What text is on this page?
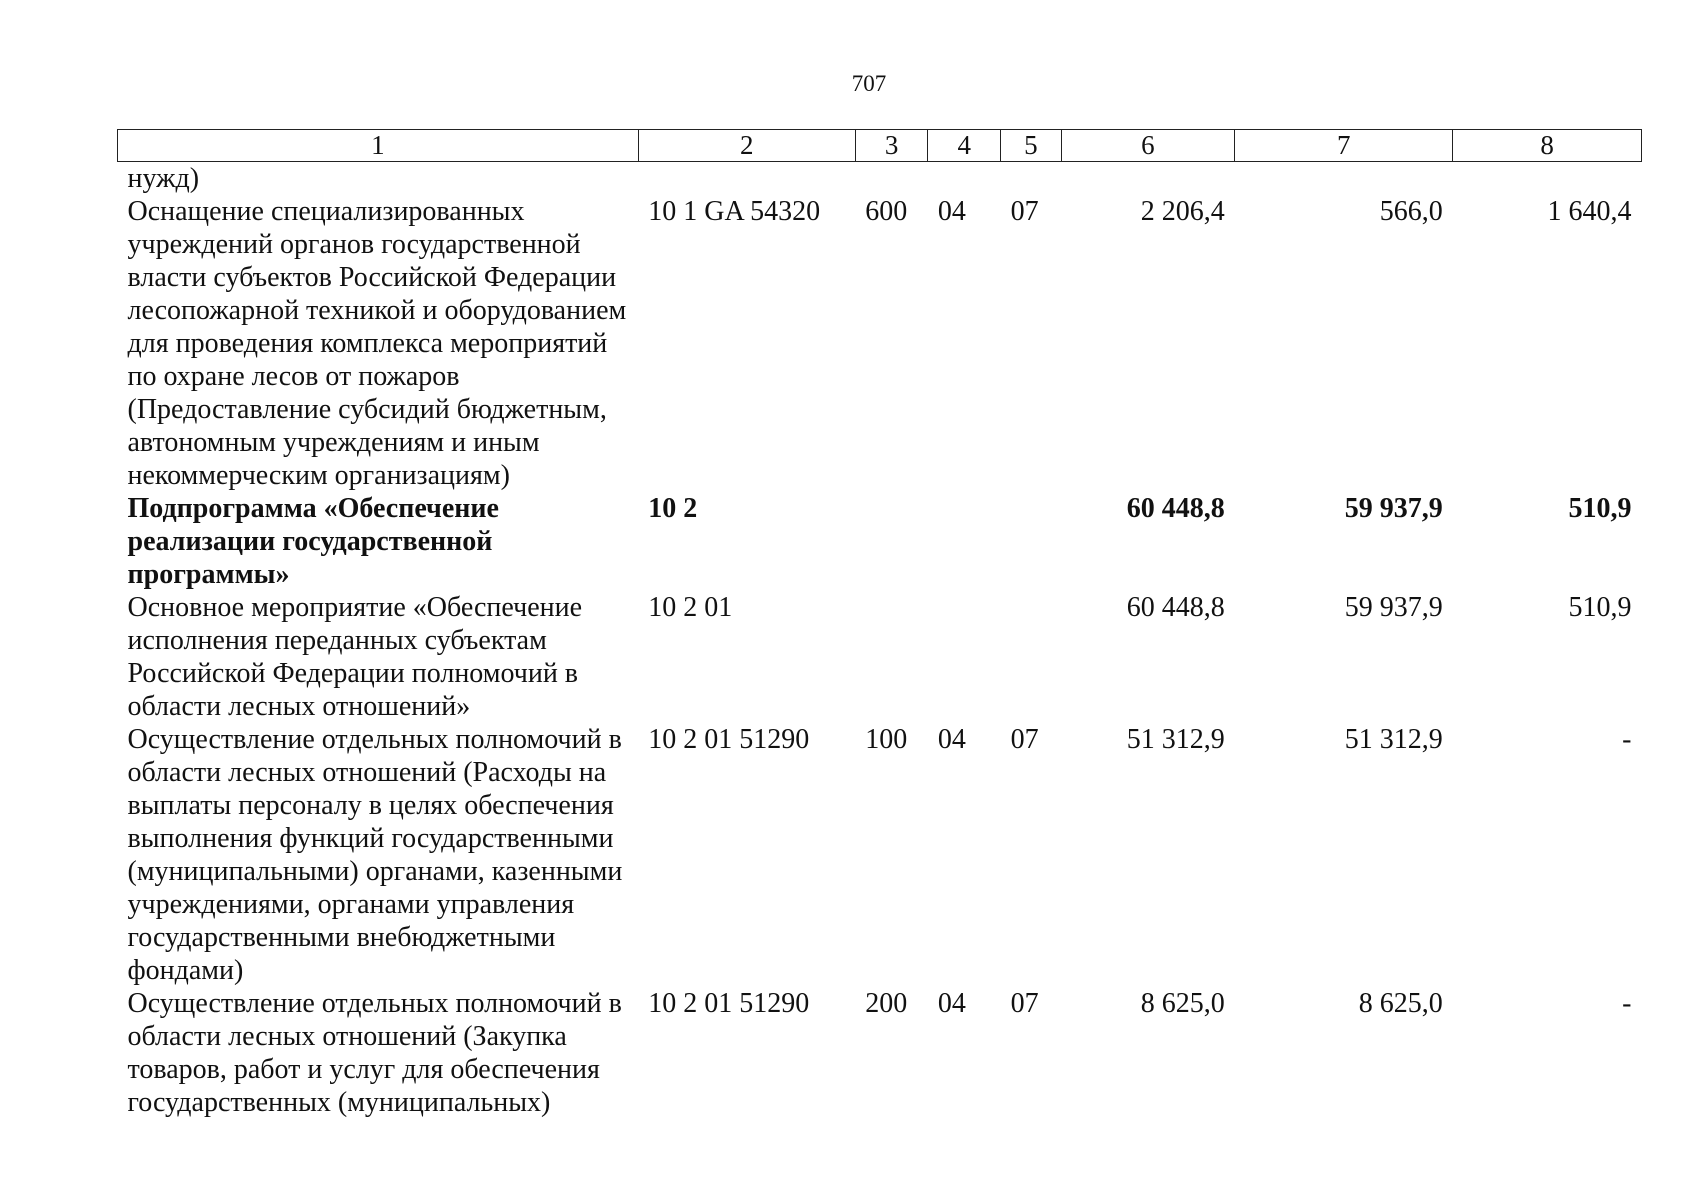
707
1	2	3	4	5	6	7	8
нужд)							
Оснащение специализированных учреждений органов государственной власти субъектов Российской Федерации лесопожарной техникой и оборудованием для проведения комплекса мероприятий по охране лесов от пожаров (Предоставление субсидий бюджетным, автономным учреждениям и иным некоммерческим организациям)	10 1 GA 54320	600	04	07	2 206,4	566,0	1 640,4
Подпрограмма «Обеспечение реализации государственной программы»	10 2				60 448,8	59 937,9	510,9
Основное мероприятие «Обеспечение исполнения переданных субъектам Российской Федерации полномочий в области лесных отношений»	10 2 01				60 448,8	59 937,9	510,9
Осуществление отдельных полномочий в области лесных отношений (Расходы на выплаты персоналу в целях обеспечения выполнения функций государственными (муниципальными) органами, казенными учреждениями, органами управления государственными внебюджетными фондами)	10 2 01 51290	100	04	07	51 312,9	51 312,9	-
Осуществление отдельных полномочий в области лесных отношений (Закупка товаров, работ и услуг для обеспечения государственных (муниципальных)	10 2 01 51290	200	04	07	8 625,0	8 625,0	-
